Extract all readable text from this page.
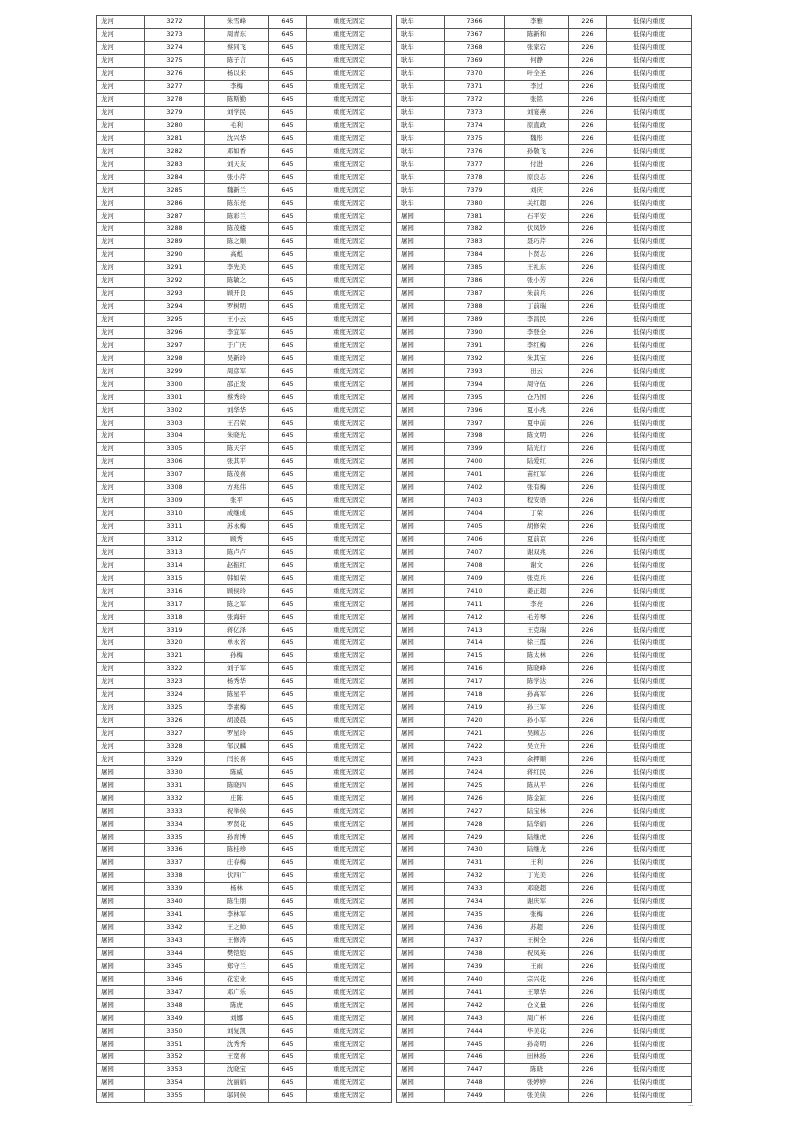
龙河	3272	朱雪峰	645	重度无固定
龙河	3273	周青东	645	重度无固定
龙河	3274	蔡同飞	645	重度无固定
龙河	3275	陈子言	645	重度无固定
龙河	3276	杨以来	645	重度无固定
龙河	3277	李梅	645	重度无固定
龙河	3278	陈斯勤	645	重度无固定
龙河	3279	刘学民	645	重度无固定
龙河	3280	毛利	645	重度无固定
龙河	3281	沈兴华	645	重度无固定
龙河	3282	邓如香	645	重度无固定
龙河	3283	刘天友	645	重度无固定
龙河	3284	张小芹	645	重度无固定
龙河	3285	魏新兰	645	重度无固定
龙河	3286	陈东亮	645	重度无固定
龙河	3287	陈彩兰	645	重度无固定
龙河	3288	陈茂楼	645	重度无固定
龙河	3289	陈之顺	645	重度无固定
龙河	3290	高彪	645	重度无固定
龙河	3291	李先美	645	重度无固定
龙河	3292	陈敏之	645	重度无固定
龙河	3293	顾开良	645	重度无固定
龙河	3294	罗树明	645	重度无固定
龙河	3295	王小云	645	重度无固定
龙河	3296	李宜军	645	重度无固定
龙河	3297	于广庆	645	重度无固定
龙河	3298	吴新玲	645	重度无固定
龙河	3299	周彦军	645	重度无固定
龙河	3300	邵正发	645	重度无固定
龙河	3301	蔡秀玲	645	重度无固定
龙河	3302	刘华华	645	重度无固定
龙河	3303	王召荣	645	重度无固定
龙河	3304	朱晓光	645	重度无固定
龙河	3305	陈天宇	645	重度无固定
龙河	3306	张其平	645	重度无固定
龙河	3307	陈茂喜	645	重度无固定
龙河	3308	方兆伟	645	重度无固定
龙河	3309	张平	645	重度无固定
龙河	3310	成继成	645	重度无固定
龙河	3311	苏永梅	645	重度无固定
龙河	3312	顾秀	645	重度无固定
龙河	3313	陈卢卢	645	重度无固定
龙河	3314	赵振红	645	重度无固定
龙河	3315	韩如荣	645	重度无固定
龙河	3316	顾侯玲	645	重度无固定
龙河	3317	陈之军	645	重度无固定
龙河	3318	张海轩	645	重度无固定
龙河	3319	蒋亿泽	645	重度无固定
龙河	3320	单永省	645	重度无固定
龙河	3321	孙梅	645	重度无固定
龙河	3322	刘子军	645	重度无固定
龙河	3323	杨秀华	645	重度无固定
龙河	3324	陈星平	645	重度无固定
龙河	3325	李素梅	645	重度无固定
龙河	3326	胡凌晨	645	重度无固定
龙河	3327	罗星玲	645	重度无固定
龙河	3328	邹汉麟	645	重度无固定
龙河	3329	闫长喜	645	重度无固定
屠园	3330	陈威	645	重度无固定
屠园	3331	陈晓四	645	重度无固定
屠园	3332	庄陈	645	重度无固定
屠园	3333	祝举侯	645	重度无固定
屠园	3334	罗贤花	645	重度无固定
屠园	3335	孙育博	645	重度无固定
屠园	3336	陈桂珍	645	重度无固定
屠园	3337	庄春梅	645	重度无固定
屠园	3338	伏四广	645	重度无固定
屠园	3339	杨林	645	重度无固定
屠园	3340	陈生朋	645	重度无固定
屠园	3341	李林军	645	重度无固定
屠园	3342	王之帅	645	重度无固定
屠园	3343	王修涛	645	重度无固定
屠园	3344	樊铠铠	645	重度无固定
屠园	3345	郑守兰	645	重度无固定
屠园	3346	花宏业	645	重度无固定
屠园	3347	邓广乐	645	重度无固定
屠园	3348	陈虎	645	重度无固定
屠园	3349	刘娜	645	重度无固定
屠园	3350	刘复凯	645	重度无固定
屠园	3351	沈秀秀	645	重度无固定
屠园	3352	王宽喜	645	重度无固定
屠园	3353	沈晓宝	645	重度无固定
屠园	3354	沈丽娟	645	重度无固定
屠园	3355	邬同侯	645	重度无固定
耿车	7366	李雅	226	低保内重度
耿车	7367	陈新和	226	低保内重度
耿车	7368	张家宕	226	低保内重度
耿车	7369	何静	226	低保内重度
耿车	7370	叶全圣	226	低保内重度
耿车	7371	李过	226	低保内重度
耿车	7372	张铭	226	低保内重度
耿车	7373	刘宴燕	226	低保内重度
耿车	7374	原直政	226	低保内重度
耿车	7375	魏彤	226	低保内重度
耿车	7376	孙敬飞	226	低保内重度
耿车	7377	付进	226	低保内重度
耿车	7378	原良志	226	低保内重度
耿车	7379	刘庆	226	低保内重度
耿车	7380	关红超	226	低保内重度
屠园	7381	石平安	226	低保内重度
屠园	7382	伏凤钞	226	低保内重度
屠园	7383	聂巧芹	226	低保内重度
屠园	7384	卜贤志	226	低保内重度
屠园	7385	王礼东	226	低保内重度
屠园	7386	张小芳	226	低保内重度
屠园	7387	朱前兵	226	低保内重度
屠园	7388	丁前瑞	226	低保内重度
屠园	7389	李昌民	226	低保内重度
屠园	7390	李登全	226	低保内重度
屠园	7391	李红梅	226	低保内重度
屠园	7392	朱其宝	226	低保内重度
屠园	7393	田云	226	低保内重度
屠园	7394	周守伍	226	低保内重度
屠园	7395	仓乃国	226	低保内重度
屠园	7396	夏小兆	226	低保内重度
屠园	7397	夏中前	226	低保内重度
屠园	7398	陈文明	226	低保内重度
屠园	7399	陆光行	226	低保内重度
屠园	7400	陆爱红	226	低保内重度
屠园	7401	苗红军	226	低保内重度
屠园	7402	张有梅	226	低保内重度
屠园	7403	程安语	226	低保内重度
屠园	7404	丁荣	226	低保内重度
屠园	7405	胡修荣	226	低保内重度
屠园	7406	夏前京	226	低保内重度
屠园	7407	谢双兆	226	低保内重度
屠园	7408	谢文	226	低保内重度
屠园	7409	张克兵	226	低保内重度
屠园	7410	姜正超	226	低保内重度
屠园	7411	李亮	226	低保内重度
屠园	7412	毛芳琴	226	低保内重度
屠园	7413	王克瑞	226	低保内重度
屠园	7414	徐三霞	226	低保内重度
屠园	7415	陈太林	226	低保内重度
屠园	7416	陈晓峰	226	低保内重度
屠园	7417	陈学达	226	低保内重度
屠园	7418	孙高军	226	低保内重度
屠园	7419	孙三军	226	低保内重度
屠园	7420	孙小军	226	低保内重度
屠园	7421	吴顾志	226	低保内重度
屠园	7422	吴立升	226	低保内重度
屠园	7423	余押顺	226	低保内重度
屠园	7424	蒋红民	226	低保内重度
屠园	7425	陈从平	226	低保内重度
屠园	7426	陈金缸	226	低保内重度
屠园	7427	陆宝林	226	低保内重度
屠园	7428	陆华娟	226	低保内重度
屠园	7429	陆继虎	226	低保内重度
屠园	7430	陆继龙	226	低保内重度
屠园	7431	王利	226	低保内重度
屠园	7432	丁光美	226	低保内重度
屠园	7433	邓晓超	226	低保内重度
屠园	7434	谢庆军	226	低保内重度
屠园	7435	张梅	226	低保内重度
屠园	7436	苏超	226	低保内重度
屠园	7437	王树全	226	低保内重度
屠园	7438	祝凤英	226	低保内重度
屠园	7439	王雨	226	低保内重度
屠园	7440	宗兴花	226	低保内重度
屠园	7441	王翠华	226	低保内重度
屠园	7442	仓义量	226	低保内重度
屠园	7443	周广杯	226	低保内重度
屠园	7444	毕美花	226	低保内重度
屠园	7445	孙奇明	226	低保内重度
屠园	7446	田林扬	226	低保内重度
屠园	7447	陈晓	226	低保内重度
屠园	7448	张婷婷	226	低保内重度
屠园	7449	张美侠	226	低保内重度
...
